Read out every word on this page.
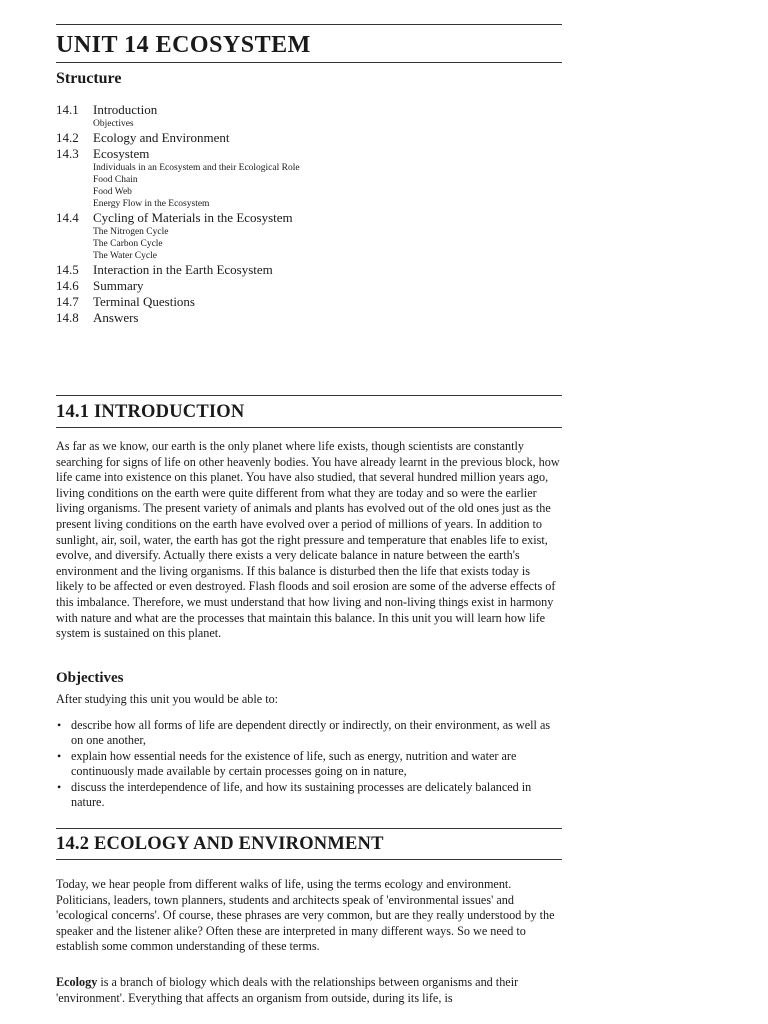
UNIT 14 ECOSYSTEM
Structure
14.1	Introduction
Objectives
14.2	Ecology and Environment
14.3	Ecosystem
Individuals in an Ecosystem and their Ecological Role
Food Chain
Food Web
Energy Flow in the Ecosystem
14.4	Cycling of Materials in the Ecosystem
The Nitrogen Cycle
The Carbon Cycle
The Water Cycle
14.5	Interaction in the Earth Ecosystem
14.6	Summary
14.7	Terminal Questions
14.8	Answers
14.1 INTRODUCTION

As far as we know, our earth is the only planet where life exists, though scientists are constantly searching for signs of life on other heavenly bodies. You have already learnt in the previous block, how life came into existence on this planet. You have also studied, that several hundred million years ago, living conditions on the earth were quite different from what they are today and so were the earlier living organisms. The present variety of animals and plants has evolved out of the old ones just as the present living conditions on the earth have evolved over a period of millions of years. In addition to sunlight, air, soil, water, the earth has got the right pressure and temperature that enables life to exist, evolve, and diversify. Actually there exists a very delicate balance in nature between the earth's environment and the living organisms. If this balance is disturbed then the life that exists today is likely to be affected or even destroyed. Flash floods and soil erosion are some of the adverse effects of this imbalance. Therefore, we must understand that how living and non-living things exist in harmony with nature and what are the processes that maintain this balance. In this unit you will learn how life system is sustained on this planet.

Objectives

After studying this unit you would be able to:

• describe how all forms of life are dependent directly or indirectly, on their environment, as well as on one another,
• explain how essential needs for the existence of life, such as energy, nutrition and water are continuously made available by certain processes going on in nature,
• discuss the interdependence of life, and how its sustaining processes are delicately balanced in nature.
14.2 ECOLOGY AND ENVIRONMENT

Today, we hear people from different walks of life, using the terms ecology and environment. Politicians, leaders, town planners, students and architects speak of 'environmental issues' and 'ecological concerns'. Of course, these phrases are very common, but are they really understood by the speaker and the listener alike? Often these are interpreted in many different ways. So we need to establish some common understanding of these terms.

Ecology is a branch of biology which deals with the relationships between organisms and their 'environment'. Everything that affects an organism from outside, during its life, is
